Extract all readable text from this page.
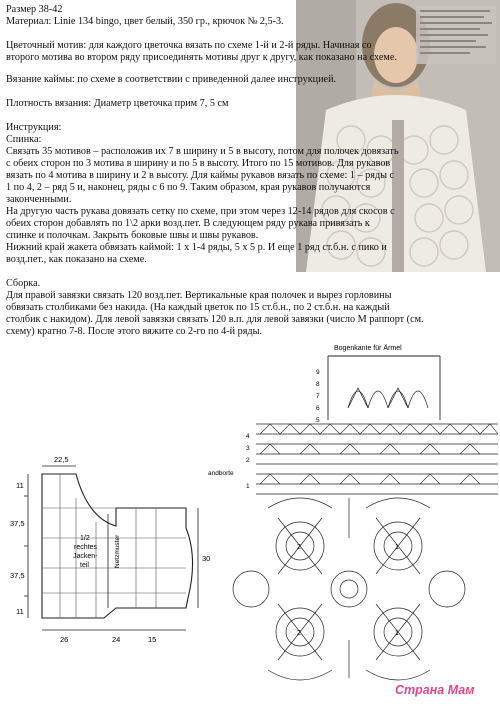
Размер 38-42
Материал: Linie 134 bingo, цвет белый, 350 гр., крючок № 2,5-3.
Цветочный мотив: для каждого цветочка вязать по схеме 1-й и 2-й ряды. Начиная со
второго мотива во втором ряду присоединять мотивы друг к другу, как показано на схеме.
Вязание каймы: по схеме в соответствии с приведенной далее инструкцией.
Плотность вязания: Диаметр цветочка прим 7, 5 см
Инструкция:
Спинка:
Связать 35 мотивов – расположив их 7 в ширину и 5 в высоту, потом для полочек довязать
с обеих сторон по 3 мотива в ширину и по 5 в высоту. Итого по 15 мотивов. Для рукавов
вязать по 4 мотива в ширину и 2 в высоту. Для каймы рукавов вязать по схеме: 1 – ряды с
1 по 4, 2 – ряд 5 и, наконец, ряды с 6 по 9. Таким образом, края рукавов получаются
законченными.
На другую часть рукава довязать сетку по схеме, при этом через 12-14 рядов для скосов с
обеих сторон добавлять по 1\2 арки возд.пет. В следующем ряду рукава привязать к
спинке и полочкам. Закрыть боковые швы и швы рукавов.
Нижний край жакета обвязать каймой: 1 х 1-4 ряды, 5 х 5 р. И еще 1 ряд ст.б.н. с пико и
возд.пет., как показано на схеме.
Сборка.
Для правой завязки связать 120 возд.пет. Вертикальные края полочек и вырез горловины
обвязать столбиками без накида. (На каждый цветок по 15 ст.б.н., по 2 ст.б.н. на каждый
столбик с накидом). Для левой завязки связать 120 в.п. для левой завязки (число М раппорт (см.
схему) кратно 7-8. После этого вяжите со 2-го по 4-й ряды.
22,5
11
37,5
37,5
11
26	24	15
30
1/2
rechtes
Jacken-
teil	Netzmuster
Bogenkante für Ärmel
andborte
9
8
7
6
5
4
3
2
1
2	1
2	1
Страна Мам
